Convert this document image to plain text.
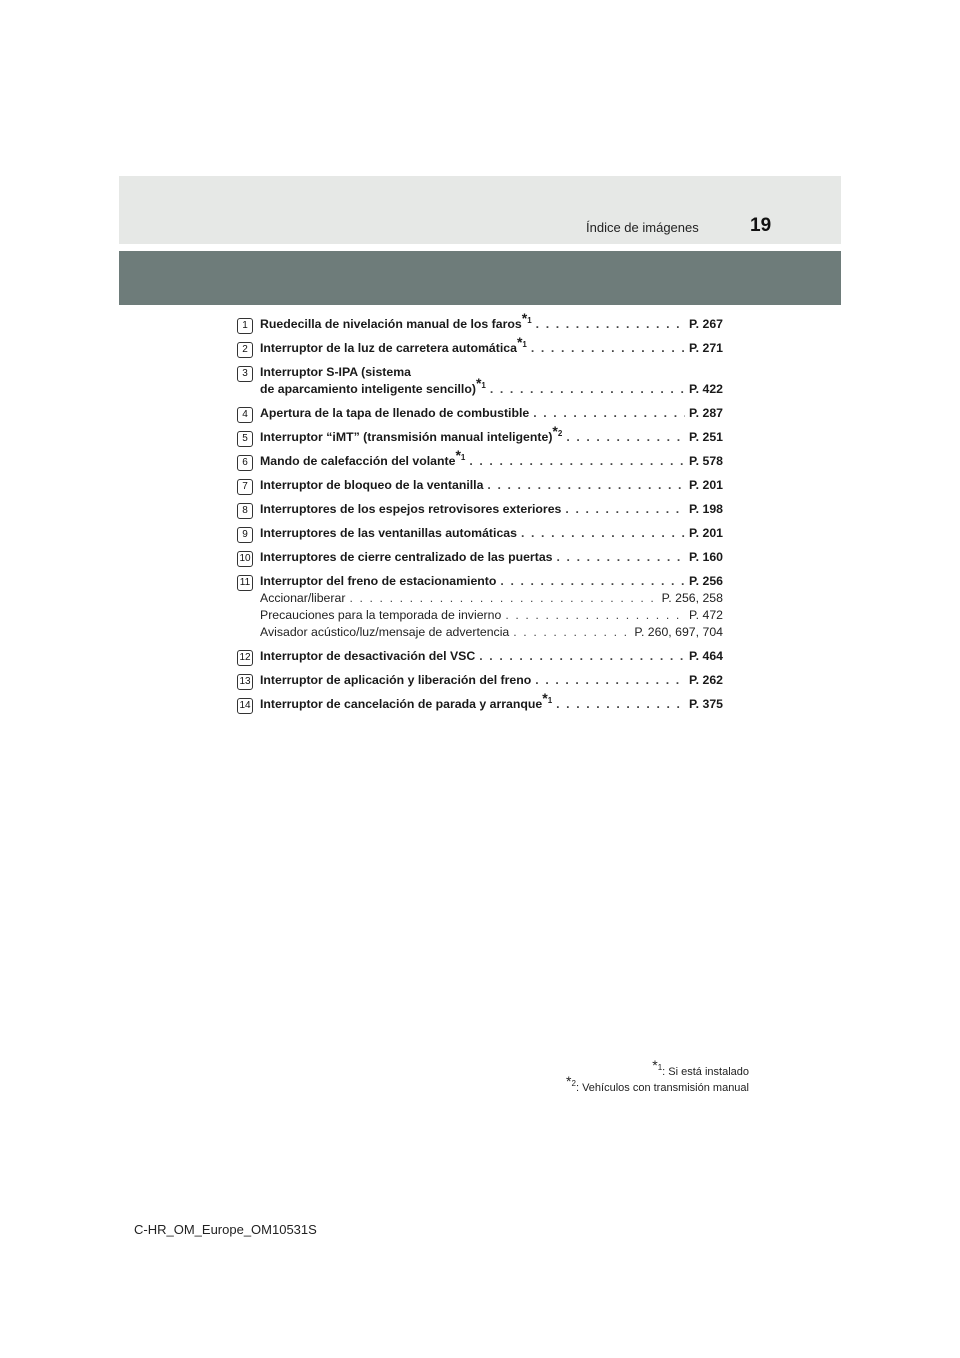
Índice de imágenes	19
1 Ruedecilla de nivelación manual de los faros$^{*1}$ . . .	P. 267
2 Interruptor de la luz de carretera automática$^{*1}$ . . .	P. 271
3 Interruptor S-IPA (sistema
de aparcamiento inteligente sencillo)$^{*1}$ . . .	P. 422
4 Apertura de la tapa de llenado de combustible . . .	P. 287
5 Interruptor “iMT” (transmisión manual inteligente)$^{*2}$ . . .	P. 251
6 Mando de calefacción del volante$^{*1}$ . . .	P. 578
7 Interruptor de bloqueo de la ventanilla . . .	P. 201
8 Interruptores de los espejos retrovisores exteriores . . .	P. 198
9 Interruptores de las ventanillas automáticas . . .	P. 201
10 Interruptores de cierre centralizado de las puertas . . .	P. 160
11 Interruptor del freno de estacionamiento . . .	P. 256
Accionar/liberar . . .	P. 256, 258
Precauciones para la temporada de invierno . . .	P. 472
Avisador acústico/luz/mensaje de advertencia . . .	P. 260, 697, 704
12 Interruptor de desactivación del VSC . . .	P. 464
13 Interruptor de aplicación y liberación del freno . . .	P. 262
14 Interruptor de cancelación de parada y arranque$^{*1}$ . . .	P. 375
$^{*1}$: Si está instalado
$^{*2}$: Vehículos con transmisión manual
C-HR_OM_Europe_OM10531S
